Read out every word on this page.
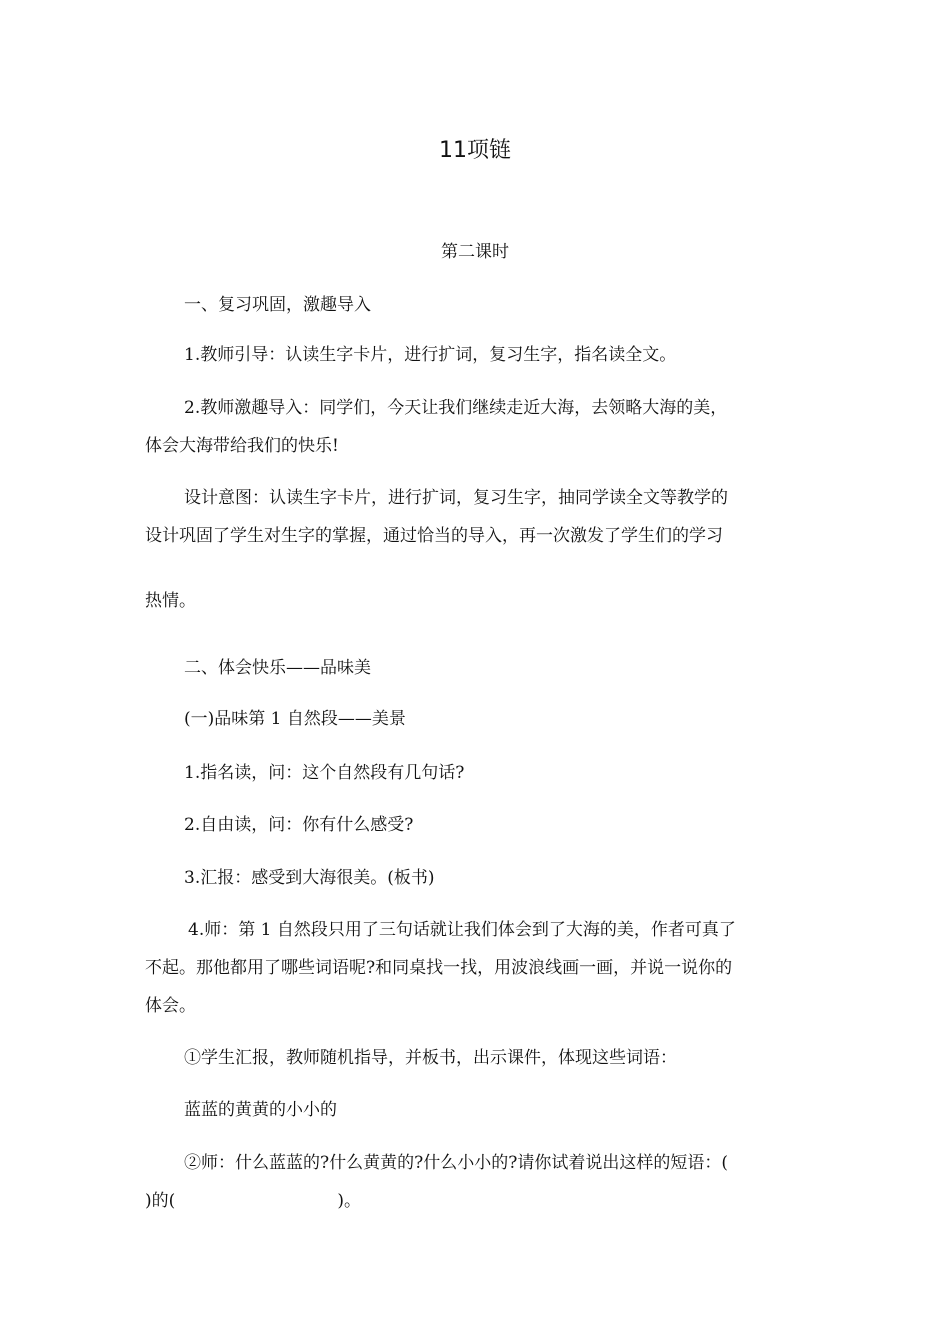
11项链
第二课时
一、复习巩固，激趣导入
1.教师引导：认读生字卡片，进行扩词，复习生字，指名读全文。
2.教师激趣导入：同学们，今天让我们继续走近大海，去领略大海的美，
体会大海带给我们的快乐!
设计意图：认读生字卡片，进行扩词，复习生字，抽同学读全文等教学的
设计巩固了学生对生字的掌握，通过恰当的导入，再一次激发了学生们的学习
热情。
二、体会快乐——品味美
(一)品味第 1 自然段——美景
1.指名读，问：这个自然段有几句话?
2.自由读，问：你有什么感受?
3.汇报：感受到大海很美。(板书)
4.师：第 1 自然段只用了三句话就让我们体会到了大海的美，作者可真了
不起。那他都用了哪些词语呢?和同桌找一找，用波浪线画一画，并说一说你的
体会。
①学生汇报，教师随机指导，并板书，出示课件，体现这些词语：
蓝蓝的黄黄的小小的
②师：什么蓝蓝的?什么黄黄的?什么小小的?请你试着说出这样的短语：(
)的(                              )。
